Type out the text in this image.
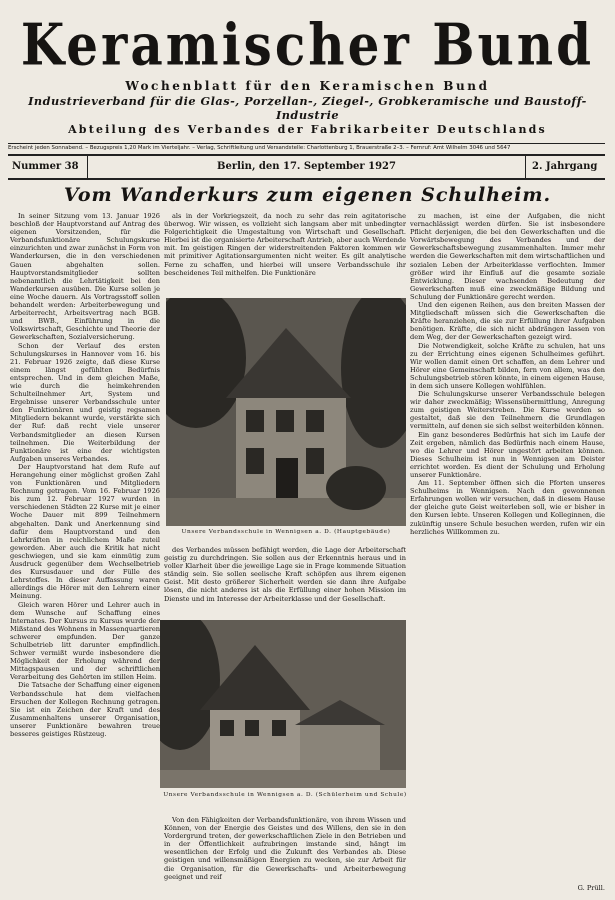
Keramischer Bund
Wochenblatt für den Keramischen Bund
Industrieverband für die Glas-, Porzellan-, Ziegel-, Grobkeramische und Baustoff-Industrie
Abteilung des Verbandes der Fabrikarbeiter Deutschlands
Erscheint jeden Sonnabend. – Bezugspreis 1,20 Mark im Vierteljahr. – Verlag, Schriftleitung und Versandstelle: Charlottenburg 1, Brauerstraße 2–3. – Fernruf: Amt Wilhelm 3046 und 5647
Nummer 38	Berlin, den 17. September 1927	2. Jahrgang
Vom Wanderkurs zum eigenen Schulheim.

In seiner Sitzung vom 13. Januar 1926 beschloß der Hauptvorstand auf Antrag des eigenen Vorsitzenden, für die Verbandsfunktionäre Schulungskurse einzurichten und zwar zunächst in Form von Wanderkursen, die in den verschiedenen Gauen abgehalten sollen. Hauptvorstandsmitglieder sollten nebenamtlich die Lehrtätigkeit bei den Wanderkursen ausüben. Die Kurse sollen je eine Woche dauern. Als Vortragsstoff sollen behandelt werden: Arbeiterbewegung und Arbeiterrecht, Arbeitsvertrag nach BGB. und BWB., Einführung in die Volkswirtschaft, Geschichte und Theorie der Gewerkschaften, Sozialversicherung.

Schon der Verlauf des ersten Schulungskurses in Hannover vom 16. bis 21. Februar 1926 zeigte, daß diese Kurse einem längst gefühlten Bedürfnis entsprechen. Und in dem gleichen Maße, wie durch die heimkehrenden Schulteilnehmer Art, System und Ergebnisse unserer Verbandsschule unter den Funktionären und geistig regsamen Mitgliedern bekannt wurde, verstärkte sich der Ruf: daß recht viele unserer Verbandsmitglieder an diesen Kursen teilnehmen. Die Weiterbildung der Funktionäre ist eine der wichtigsten Aufgaben unseres Verbandes.

Der Hauptvorstand hat dem Rufe auf Herangehung einer möglichst großen Zahl von Funktionären und Mitgliedern Rechnung getragen. Vom 16. Februar 1926 bis zum 12. Februar 1927 wurden in verschiedenen Städten 22 Kurse mit je einer Woche Dauer mit 899 Teilnehmern abgehalten. Dank und Anerkennung sind dafür dem Hauptvorstand und den Lehrkräften in reichlichem Maße zuteil geworden. Aber auch die Kritik hat nicht geschwiegen, und sie kam einmütig zum Ausdruck gegenüber dem Wechselbetrieb des Kursusdauer und der Fülle des Lehrstoffes. In dieser Auffassung waren allerdings die Hörer mit den Lehrern einer Meinung.

Gleich waren Hörer und Lehrer auch in dem Wunsche auf Schaffung eines Internates. Der Kursus zu Kursus wurde der Mißstand des Wohnens in Massenquartieren schwerer empfunden. Der ganze Schulbetrieb litt darunter empfindlich. Schwer vermißt wurde insbesondere die Möglichkeit der Erholung während der Mittagspausen und der schriftlichen Verarbeitung des Gehörten im stillen Heim.

Die Tatsache der Schaffung einer eigenen Verbandsschule hat dem vielfachen Ersuchen der Kollegen Rechnung getragen. Sie ist ein Zeichen der Kraft und des Zusammenhaltens unserer Organisation, unserer Funktionäre bewahren treue besseres geistiges Rüstzeug.

als in der Vorkriegszeit, da noch zu sehr das rein agitatorische überwog. Wir wissen, es vollzieht sich langsam aber mit unbedingter Folgerichtigkeit die Umgestaltung von Wirtschaft und Gesellschaft. Hierbei ist die organisierte Arbeiterschaft Antrieb, aber auch Werdende mit. Im geistigen Ringen der widerstreitenden Faktoren kommen wir mit primitiver Agitationsargumenten nicht weiter. Es gilt analytische Ferne zu schaffen, und hierbei will unsere Verbandsschule ihr bescheidenes Teil mithelfen. Die Funktionäre

Unsere Verbandsschule in Wennigsen a. D. (Hauptgebäude)

des Verbandes müssen befähigt werden, die Lage der Arbeiterschaft geistig zu durchdringen. Sie sollen aus der Erkenntnis heraus und in voller Klarheit über die jeweilige Lage sie in Frage kommende Situation ständig sein. Sie sollen seelische Kraft schöpfen aus ihrem eigenen Geist. Mit desto größerer Sicherheit werden sie dann ihre Aufgabe lösen, die nicht anderes ist als die Erfüllung einer hohen Mission im Dienste und im Interesse der Arbeiterklasse und der Gesellschaft.

Unsere Verbandsschule in Wennigsen a. D. (Schülerheim und Schule)

Von den Fähigkeiten der Verbandsfunktionäre, von ihrem Wissen und Können, von der Energie des Geistes und des Willens, den sie in den Vordergrund treten, der gewerkschaftlichen Ziele in den Betrieben und in der Öffentlichkeit aufzubringen imstande sind, hängt im wesentlichen der Erfolg und die Zukunft des Verbandes ab. Diese geistigen und willensmäßigen Energien zu wecken, sie zur Arbeit für die Organisation, für die Gewerkschafts- und Arbeiterbewegung geeignet und reif

zu machen, ist eine der Aufgaben, die nicht vernachlässigt werden dürfen. Sie ist insbesondere Pflicht derjenigen, die bei den Gewerkschaften und die Vorwärtsbewegung des Verbandes und der Gewerkschaftsbewegung zusammenhalten. Immer mehr werden die Gewerkschaften mit dem wirtschaftlichen und sozialen Leben der Arbeiterklasse verflochten. Immer größer wird ihr Einfluß auf die gesamte soziale Entwicklung. Dieser wachsenden Bedeutung der Gewerkschaften muß eine zweckmäßige Bildung und Schulung der Funktionäre gerecht werden.

Und den eigenen Reihen, aus den breiten Massen der Mitgliedschaft müssen sich die Gewerkschaften die Kräfte heranziehen, die sie zur Erfüllung ihrer Aufgaben benötigen. Kräfte, die sich nicht abdrängen lassen von dem Weg, der der Gewerkschaften gezeigt wird.

Die Notwendigkeit, solche Kräfte zu schulen, hat uns zu der Errichtung eines eigenen Schulheimes geführt. Wir wollen damit einen Ort schaffen, an dem Lehrer und Hörer eine Gemeinschaft bilden, fern von allem, was den Schulungsbetrieb stören könnte, in einem eigenen Hause, in dem sich unsere Kollegen wohlfühlen.

Die Schulungskurse unserer Verbandsschule belegen wir daher zweckmäßig; Wissensübermittlung, Anregung zum geistigen Weiterstreben. Die Kurse werden so gestaltet, daß sie den Teilnehmern die Grundlagen vermitteln, auf denen sie sich selbst weiterbilden können.

Ein ganz besonderes Bedürfnis hat sich im Laufe der Zeit ergeben, nämlich das Bedürfnis nach einem Hause, wo die Lehrer und Hörer ungestört arbeiten können. Dieses Schulheim ist nun in Wennigsen am Deister errichtet worden. Es dient der Schulung und Erholung unserer Funktionäre.

Am 11. September öffnen sich die Pforten unseres Schulheims in Wennigsen. Nach den gewonnenen Erfahrungen wollen wir versuchen, daß in diesem Hause der gleiche gute Geist weiterleben soll, wie er bisher in den Kursen lebte. Unseren Kollegen und Kolleginnen, die zukünftig unsere Schule besuchen werden, rufen wir ein herzliches Willkommen zu.

G. Prüll.
